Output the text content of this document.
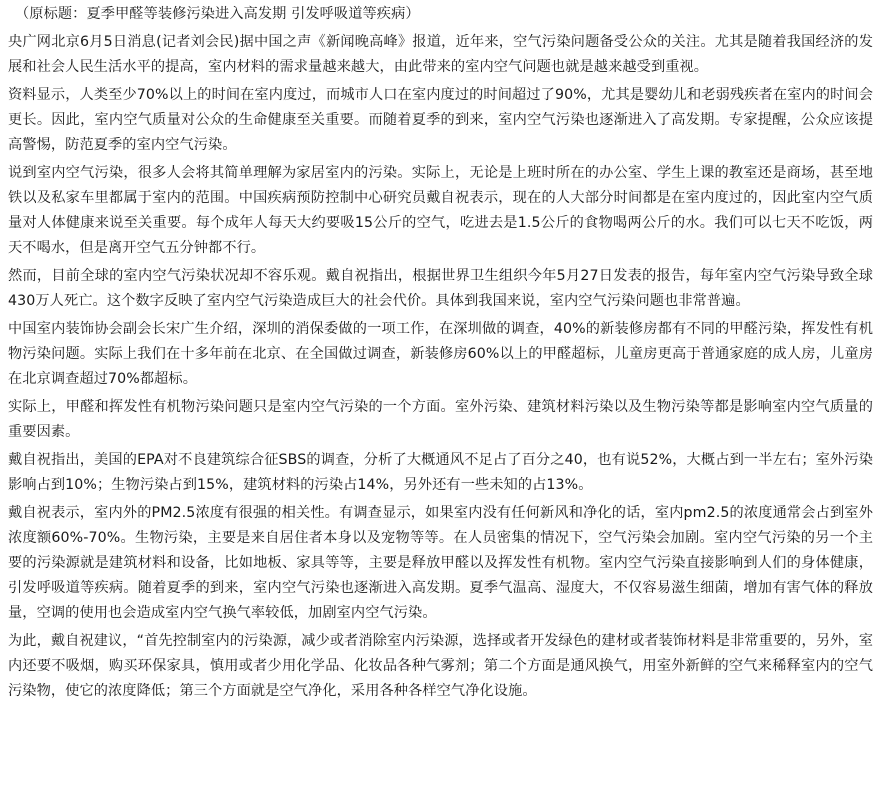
（原标题：夏季甲醛等装修污染进入高发期 引发呼吸道等疾病）

央广网北京6月5日消息(记者刘会民)据中国之声《新闻晚高峰》报道，近年来，空气污染问题备受公众的关注。尤其是随着我国经济的发展和社会人民生活水平的提高，室内材料的需求量越来越大，由此带来的室内空气问题也就是越来越受到重视。

资料显示，人类至少70%以上的时间在室内度过，而城市人口在室内度过的时间超过了90%，尤其是婴幼儿和老弱残疾者在室内的时间会更长。因此，室内空气质量对公众的生命健康至关重要。而随着夏季的到来，室内空气污染也逐渐进入了高发期。专家提醒，公众应该提高警惕，防范夏季的室内空气污染。

说到室内空气污染，很多人会将其简单理解为家居室内的污染。实际上，无论是上班时所在的办公室、学生上课的教室还是商场，甚至地铁以及私家车里都属于室内的范围。中国疾病预防控制中心研究员戴自祝表示，现在的人大部分时间都是在室内度过的，因此室内空气质量对人体健康来说至关重要。每个成年人每天大约要吸15公斤的空气，吃进去是1.5公斤的食物喝两公斤的水。我们可以七天不吃饭，两天不喝水，但是离开空气五分钟都不行。

然而，目前全球的室内空气污染状况却不容乐观。戴自祝指出，根据世界卫生组织今年5月27日发表的报告，每年室内空气污染导致全球430万人死亡。这个数字反映了室内空气污染造成巨大的社会代价。具体到我国来说，室内空气污染问题也非常普遍。

中国室内装饰协会副会长宋广生介绍，深圳的消保委做的一项工作，在深圳做的调查，40%的新装修房都有不同的甲醛污染，挥发性有机物污染问题。实际上我们在十多年前在北京、在全国做过调查，新装修房60%以上的甲醛超标，儿童房更高于普通家庭的成人房，儿童房在北京调查超过70%都超标。

实际上，甲醛和挥发性有机物污染问题只是室内空气污染的一个方面。室外污染、建筑材料污染以及生物污染等都是影响室内空气质量的重要因素。

戴自祝指出，美国的EPA对不良建筑综合征SBS的调查，分析了大概通风不足占了百分之40，也有说52%，大概占到一半左右；室外污染影响占到10%；生物污染占到15%，建筑材料的污染占14%，另外还有一些未知的占13%。

戴自祝表示，室内外的PM2.5浓度有很强的相关性。有调查显示，如果室内没有任何新风和净化的话，室内pm2.5的浓度通常会占到室外浓度额60%-70%。生物污染，主要是来自居住者本身以及宠物等等。在人员密集的情况下，空气污染会加剧。室内空气污染的另一个主要的污染源就是建筑材料和设备，比如地板、家具等等，主要是释放甲醛以及挥发性有机物。室内空气污染直接影响到人们的身体健康，引发呼吸道等疾病。随着夏季的到来，室内空气污染也逐渐进入高发期。夏季气温高、湿度大，不仅容易滋生细菌，增加有害气体的释放量，空调的使用也会造成室内空气换气率较低，加剧室内空气污染。

为此，戴自祝建议，“首先控制室内的污染源，减少或者消除室内污染源，选择或者开发绿色的建材或者装饰材料是非常重要的，另外，室内还要不吸烟，购买环保家具，慎用或者少用化学品、化妆品各种气雾剂；第二个方面是通风换气，用室外新鲜的空气来稀释室内的空气污染物，使它的浓度降低；第三个方面就是空气净化，采用各种各样空气净化设施。
